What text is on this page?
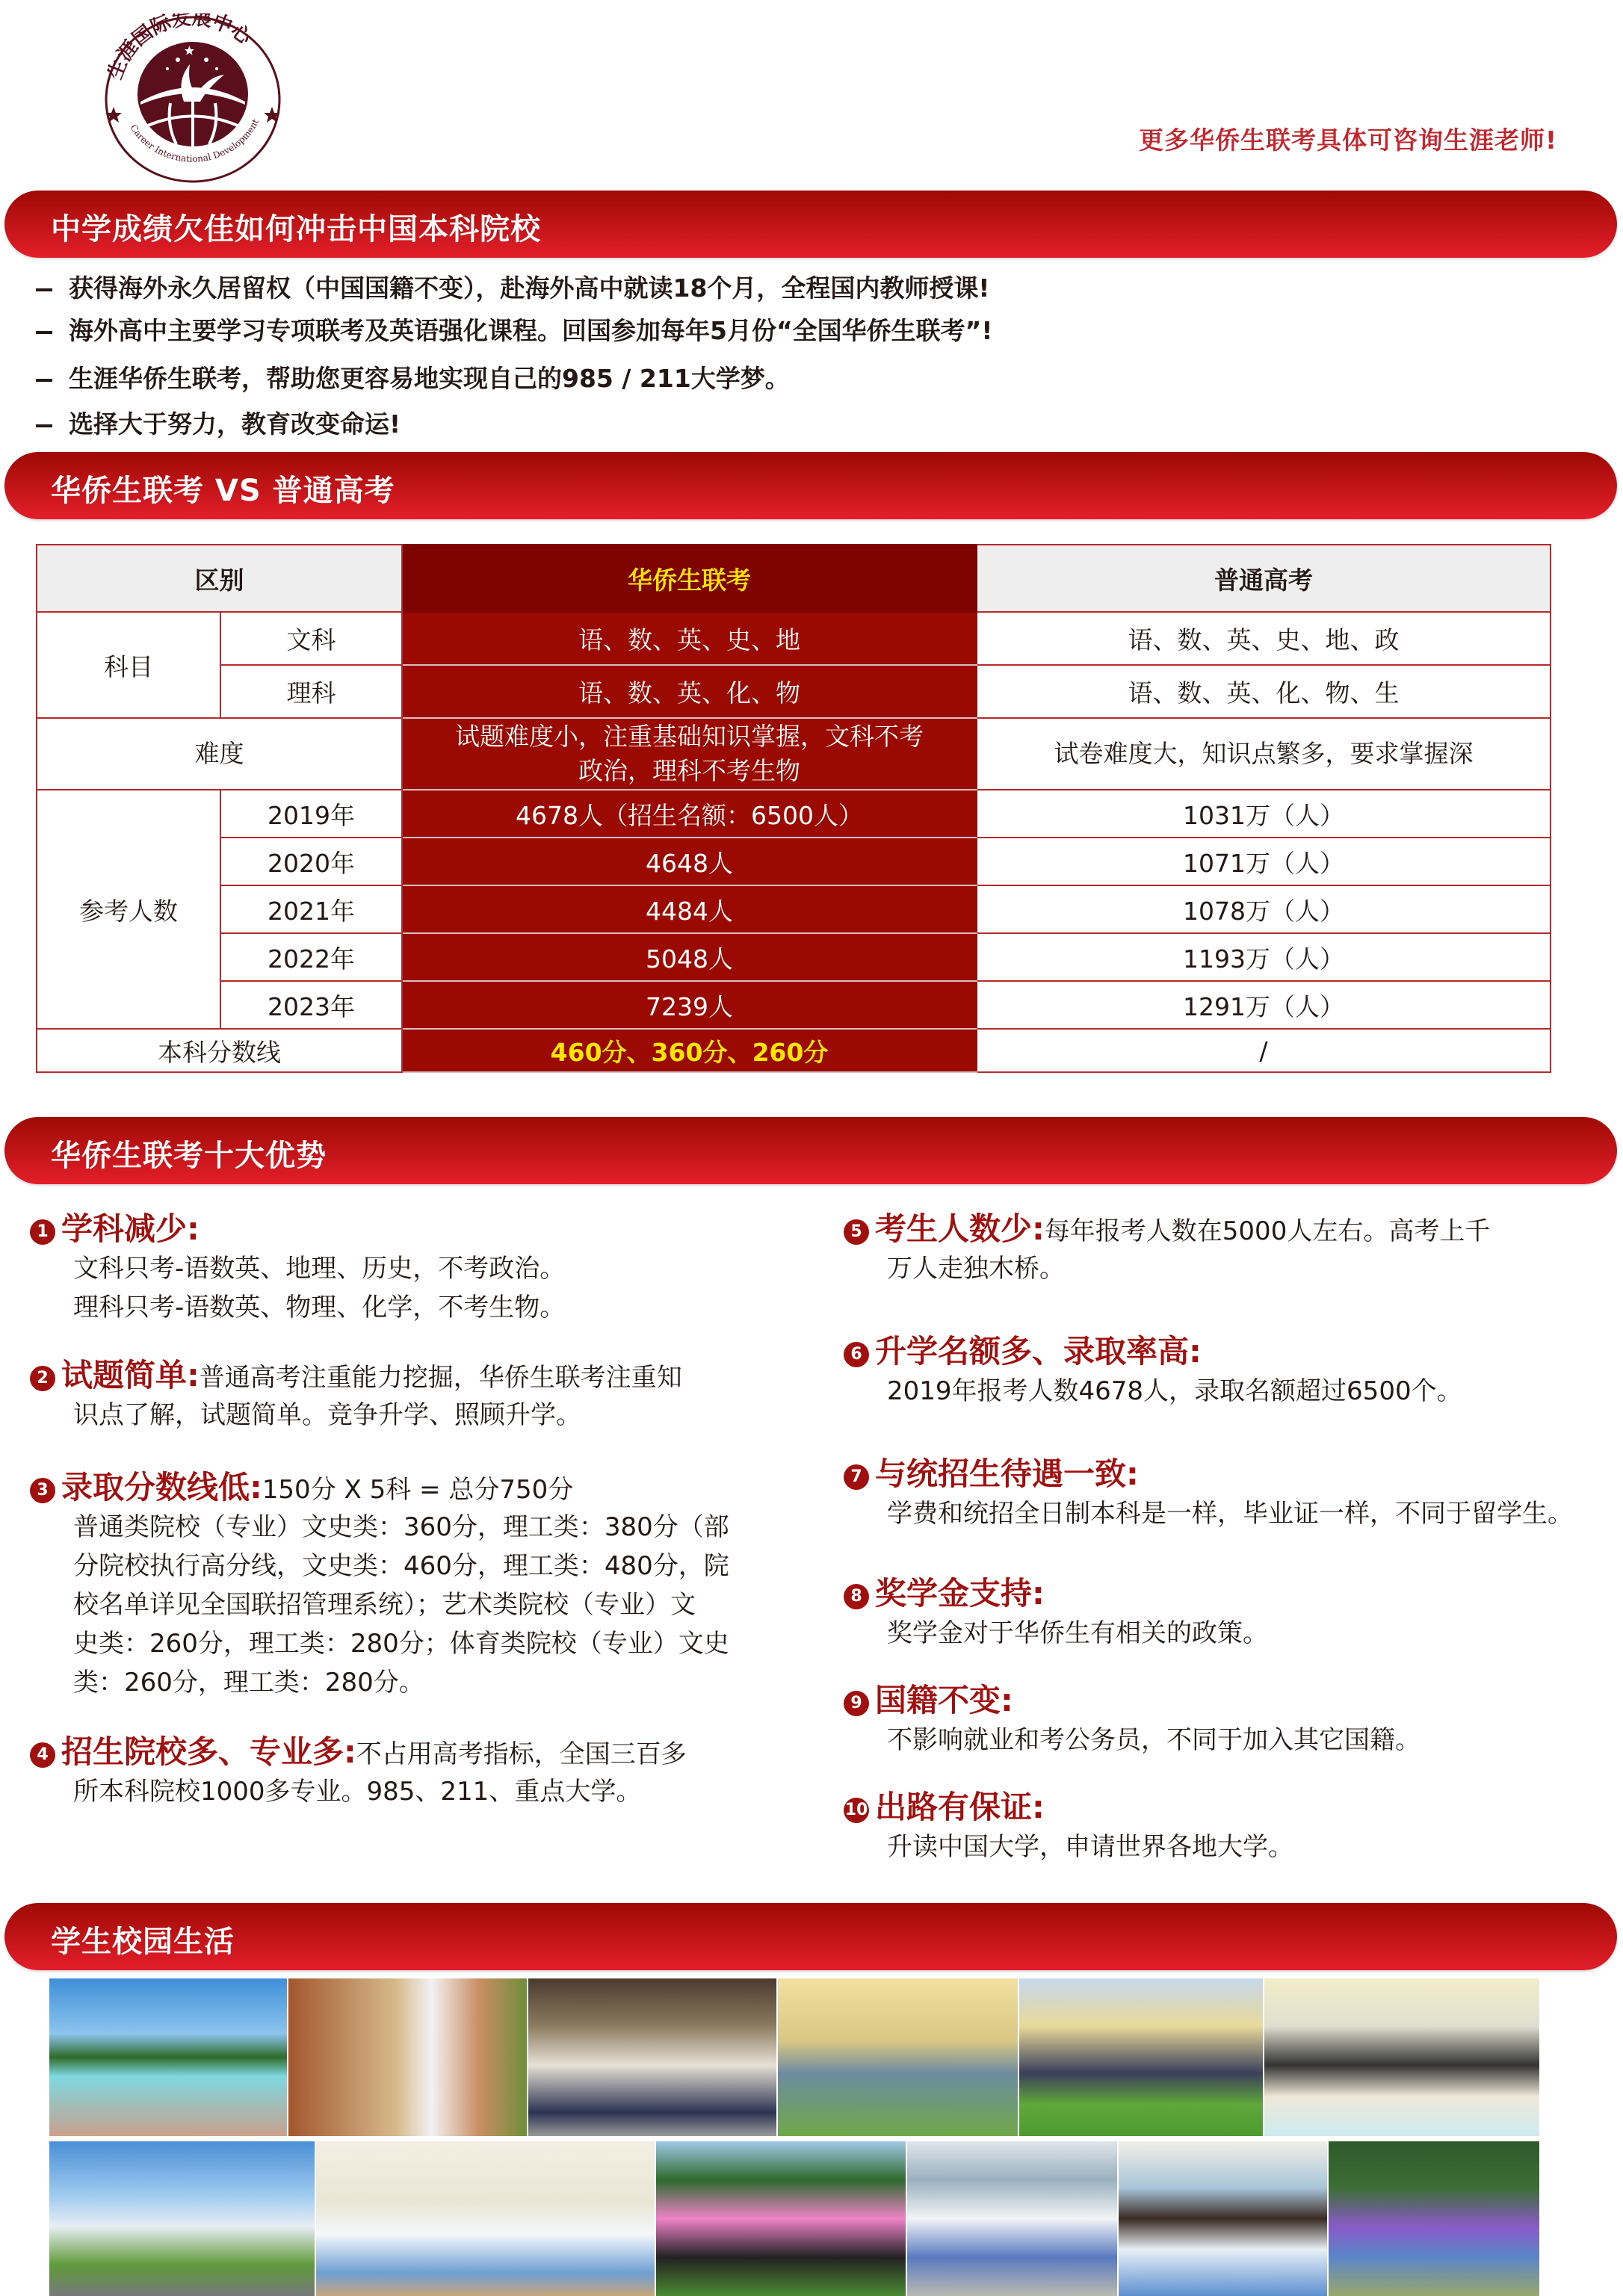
生涯国际发展中心
Career International Development
更多华侨生联考具体可咨询生涯老师!
中学成绩欠佳如何冲击中国本科院校
获得海外永久居留权（中国国籍不变），赴海外高中就读18个月，全程国内教师授课!
海外高中主要学习专项联考及英语强化课程。回国参加每年5月份“全国华侨生联考”!
生涯华侨生联考，帮助您更容易地实现自己的985 / 211大学梦。
选择大于努力，教育改变命运!
华侨生联考 VS 普通高考
区别	华侨生联考	普通高考
科目	文科	语、数、英、史、地	语、数、英、史、地、政
理科	语、数、英、化、物	语、数、英、化、物、生
难度	
试题难度小，注重基础知识掌握，文科不考
政治，理科不考生物
	试卷难度大，知识点繁多，要求掌握深
参考人数	2019年	4678人（招生名额：6500人）	1031万（人）
2020年	4648人	1071万（人）
2021年	4484人	1078万（人）
2022年	5048人	1193万（人）
2023年	7239人	1291万（人）
本科分数线	460分、360分、260分	/
华侨生联考十大优势
1 学科减少:
文科只考-语数英、地理、历史，不考政治。
理科只考-语数英、物理、化学，不考生物。
2 试题简单:普通高考注重能力挖掘，华侨生联考注重知
识点了解，试题简单。竞争升学、照顾升学。
3 录取分数线低:150分 X 5科 = 总分750分
普通类院校（专业）文史类：360分，理工类：380分（部
分院校执行高分线，文史类：460分，理工类：480分，院
校名单详见全国联招管理系统）；艺术类院校（专业）文
史类：260分，理工类：280分；体育类院校（专业）文史
类：260分，理工类：280分。
4 招生院校多、专业多:不占用高考指标，全国三百多
所本科院校1000多专业。985、211、重点大学。
5 考生人数少:每年报考人数在5000人左右。高考上千
万人走独木桥。
6 升学名额多、录取率高:
2019年报考人数4678人，录取名额超过6500个。
7 与统招生待遇一致:
学费和统招全日制本科是一样，毕业证一样，不同于留学生。
8 奖学金支持:
奖学金对于华侨生有相关的政策。
9 国籍不变:
不影响就业和考公务员，不同于加入其它国籍。
10 出路有保证:
升读中国大学，申请世界各地大学。
学生校园生活
